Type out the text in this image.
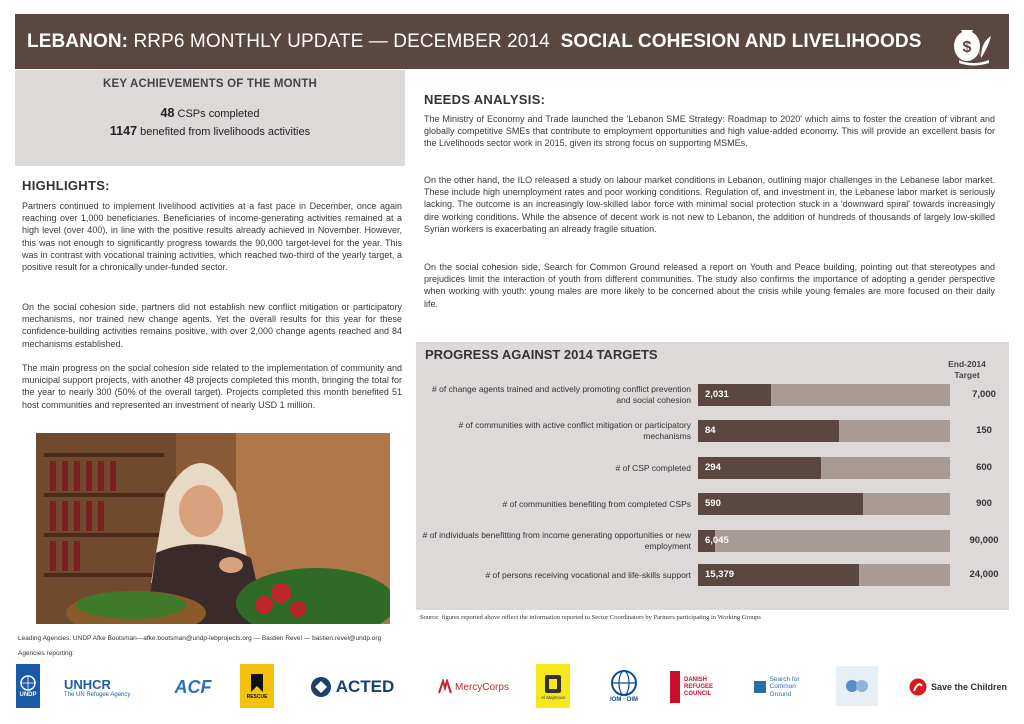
LEBANON: RRP6 MONTHLY UPDATE — DECEMBER 2014 SOCIAL COHESION AND LIVELIHOODS	$
KEY ACHIEVEMENTS OF THE MONTH
48 CSPs completed
1147 benefited from livelihoods activities
HIGHLIGHTS:
Partners continued to implement livelihood activities at a fast pace in December, once again reaching over 1,000 beneficiaries. Beneficiaries of income-generating activities remained at a high level (over 400), in line with the positive results already achieved in November. However, this was not enough to significantly progress towards the 90,000 target-level for the year. This was in contrast with vocational training activities, which reached two-third of the yearly target, a positive result for a chronically under-funded sector.
On the social cohesion side, partners did not establish new conflict mitigation or participatory mechanisms, nor trained new change agents. Yet the overall results for this year for these confidence-building activities remains positive, with over 2,000 change agents reached and 84 mechanisms established.
The main progress on the social cohesion side related to the implementation of community and municipal support projects, with another 48 projects completed this month, bringing the total for the year to nearly 300 (50% of the overall target). Projects completed this month benefited 51 host communities and represented an investment of nearly USD 1 million.
NEEDS ANALYSIS:
The Ministry of Economy and Trade launched the 'Lebanon SME Strategy: Roadmap to 2020' which aims to foster the creation of vibrant and globally competitive SMEs that contribute to employment opportunities and high value-added economy. This will provide an excellent basis for the Livelihoods sector work in 2015, given its strong focus on supporting MSMEs.
On the other hand, the ILO released a study on labour market conditions in Lebanon, outlining major challenges in the Lebanese labor market. These include high unemployment rates and poor working conditions. Regulation of, and investment in, the Lebanese labor market is seriously lacking. The outcome is an increasingly low-skilled labor force with minimal social protection stuck in a 'downward spiral' towards increasingly dire working conditions. While the absence of decent work is not new to Lebanon, the addition of hundreds of thousands of largely low-skilled Syrian workers is exacerbating an already fragile situation.
On the social cohesion side, Search for Common Ground released a report on Youth and Peace building, pointing out that stereotypes and prejudices limit the interaction of youth from different communities. The study also confirms the importance of adopting a gender perspective when working with youth: young males are more likely to be concerned about the crisis while young females are more focused on their daily life.
PROGRESS AGAINST 2014 TARGETS
End-2014 Target
# of change agents trained and actively promoting conflict prevention and social cohesion 2,031	7,000
# of communities with active conflict mitigation or participatory mechanisms 84	150
# of CSP completed 294	600
# of communities benefiting from completed CSPs 590	900
# of individuals benefitting from income generating opportunities or new employment 6,045	90,000
# of persons receiving vocational and life-skills support 15,379	24,000
Source: figures reported above reflect the information reported to Sector Coordinators by Partners participating in Working Groups
Leading Agencies: UNDP Afke Bootsman—afke.bootsman@undp-lebprojects.org — Bastien Revel — bastien.revel@undp.org
Agencies reporting:
UNDP
UNHCR
The UN Refugee Agency ACF
RESCUE
ACTED	MercyCorps
Al Majmoua	IOM · OIM
DANISH REFUGEE COUNCIL
Search for Common Ground
Save the Children
